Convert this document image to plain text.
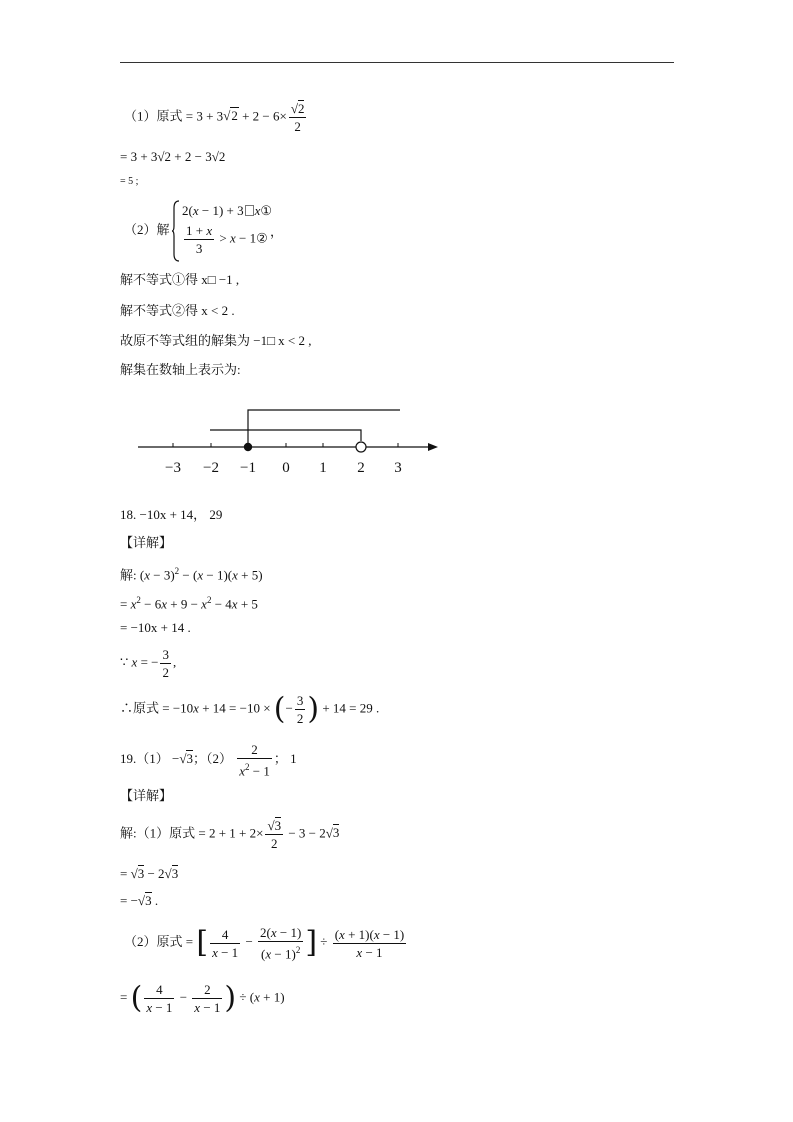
（1）原式 = $3 + 3√2 + 2 - 6\times \frac{√2}{2}$
= 3 + 3√2 + 2 − 3√2
= 5 ;
（2）解
2(x − 1) + 3 x①
$\frac{1 + x}{3} > x$ − 1② ，
解不等式①得 x□ −1 ,
解不等式②得 x < 2 .
故原不等式组的解集为 −1□ x < 2 ,
解集在数轴上表示为:
−3 −2 −1 0 1 2 3
18. −10x + 14， 29
【详解】
解: $(x - 3)^2 - (x - 1)(x + 5)$
= $x^2 - 6x + 9 - x^2 - 4x + 5$
= −10x + 14 .
∵ x = − $\frac{3}{2}$ ,
∴原式 = −10x + 14 = −10 × (− $\frac{3}{2}$ ) + 14 = 29 .
19.（1） −√3；$(2) \frac{2}{x^2 - 1}$ ； 1
【详解】
解:（1）原式 = $2 + 1 + 2\times \frac{√3}{2} - 3 - 2√3$
= √3 − 2√3
= −√3 .
（2）原式 = [ $\frac{4}{x - 1} - \frac{2(x - 1)}{(x - 1)^2}$ ] ÷ $\frac{(x + 1)(x - 1)}{x - 1}$
= ( $\frac{4}{x - 1} - \frac{2}{x - 1}$ ) ÷ (x + 1)
